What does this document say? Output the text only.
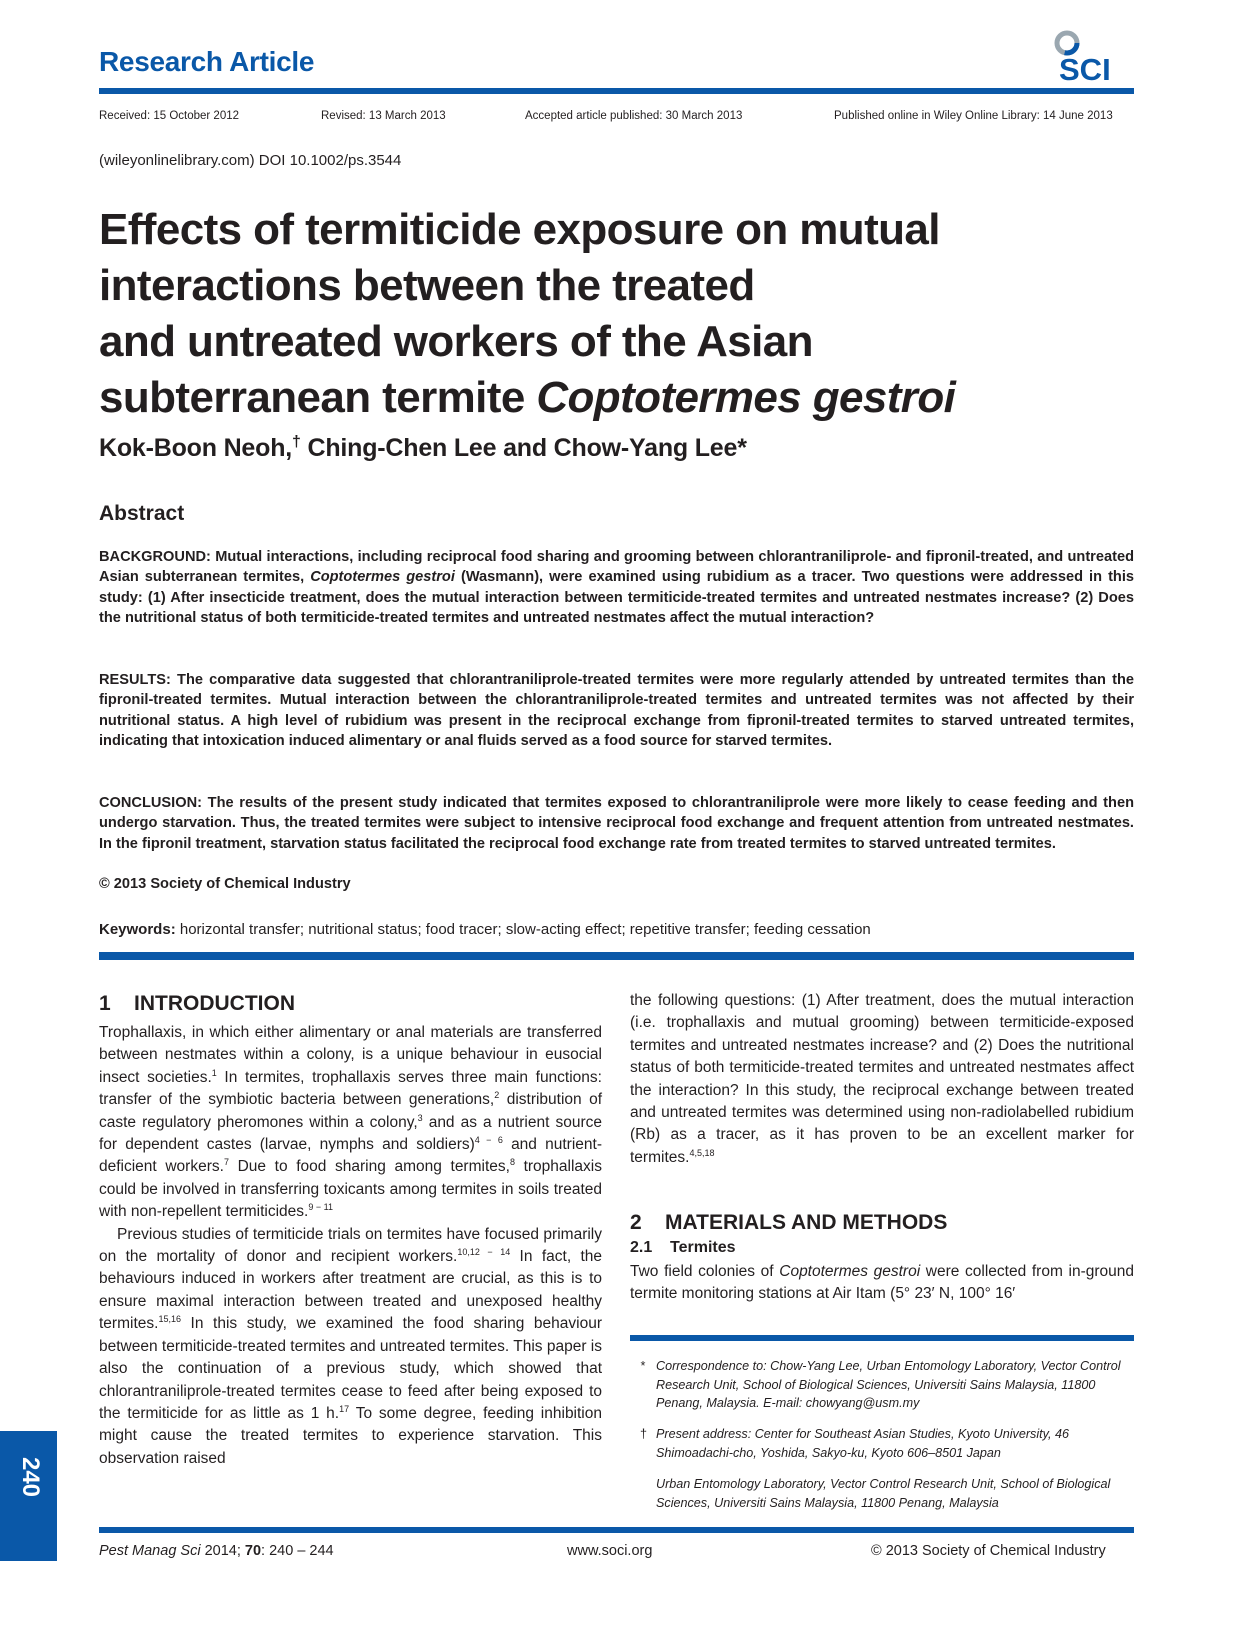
Research Article	SCI
Received: 15 October 2012	Revised: 13 March 2013	Accepted article published: 30 March 2013	Published online in Wiley Online Library: 14 June 2013
(wileyonlinelibrary.com) DOI 10.1002/ps.3544
Effects of termiticide exposure on mutual
interactions between the treated
and untreated workers of the Asian
subterranean termite Coptotermes gestroi
Kok-Boon Neoh,† Ching-Chen Lee and Chow-Yang Lee*
Abstract
BACKGROUND: Mutual interactions, including reciprocal food sharing and grooming between chlorantraniliprole- and fipronil-treated, and untreated Asian subterranean termites, Coptotermes gestroi (Wasmann), were examined using rubidium as a tracer. Two questions were addressed in this study: (1) After insecticide treatment, does the mutual interaction between termiticide-treated termites and untreated nestmates increase? (2) Does the nutritional status of both termiticide-treated termites and untreated nestmates affect the mutual interaction?
RESULTS: The comparative data suggested that chlorantraniliprole-treated termites were more regularly attended by untreated termites than the fipronil-treated termites. Mutual interaction between the chlorantraniliprole-treated termites and untreated termites was not affected by their nutritional status. A high level of rubidium was present in the reciprocal exchange from fipronil-treated termites to starved untreated termites, indicating that intoxication induced alimentary or anal fluids served as a food source for starved termites.
CONCLUSION: The results of the present study indicated that termites exposed to chlorantraniliprole were more likely to cease feeding and then undergo starvation. Thus, the treated termites were subject to intensive reciprocal food exchange and frequent attention from untreated nestmates. In the fipronil treatment, starvation status facilitated the reciprocal food exchange rate from treated termites to starved untreated termites.
© 2013 Society of Chemical Industry
Keywords: horizontal transfer; nutritional status; food tracer; slow-acting effect; repetitive transfer; feeding cessation
1    INTRODUCTION

Trophallaxis, in which either alimentary or anal materials are transferred between nestmates within a colony, is a unique behaviour in eusocial insect societies.$^1$ In termites, trophallaxis serves three main functions: transfer of the symbiotic bacteria between generations,$^2$ distribution of caste regulatory pheromones within a colony,$^3$ and as a nutrient source for dependent castes (larvae, nymphs and soldiers)$^{4 - 6}$ and nutrient-deficient workers.$^7$ Due to food sharing among termites,$^8$ trophallaxis could be involved in transferring toxicants among termites in soils treated with non-repellent termiticides.$^{9 - 11}$

Previous studies of termiticide trials on termites have focused primarily on the mortality of donor and recipient workers.$^{10,12 - 14}$ In fact, the behaviours induced in workers after treatment are crucial, as this is to ensure maximal interaction between treated and unexposed healthy termites.$^{15,16}$ In this study, we examined the food sharing behaviour between termiticide-treated termites and untreated termites. This paper is also the continuation of a previous study, which showed that chlorantraniliprole-treated termites cease to feed after being exposed to the termiticide for as little as 1 h.$^{17}$ To some degree, feeding inhibition might cause the treated termites to experience starvation. This observation raised

the following questions: (1) After treatment, does the mutual interaction (i.e. trophallaxis and mutual grooming) between termiticide-exposed termites and untreated nestmates increase? and (2) Does the nutritional status of both termiticide-treated termites and untreated nestmates affect the interaction? In this study, the reciprocal exchange between treated and untreated termites was determined using non-radiolabelled rubidium (Rb) as a tracer, as it has proven to be an excellent marker for termites.$^{4,5,18}$

2    MATERIALS AND METHODS
2.1    Termites
Two field colonies of Coptotermes gestroi were collected from in-ground termite monitoring stations at Air Itam (5° 23′ N, 100° 16′
* Correspondence to: Chow-Yang Lee, Urban Entomology Laboratory, Vector Control Research Unit, School of Biological Sciences, Universiti Sains Malaysia, 11800 Penang, Malaysia. E-mail: chowyang@usm.my
† Present address: Center for Southeast Asian Studies, Kyoto University, 46 Shimoadachi-cho, Yoshida, Sakyo-ku, Kyoto 606–8501 Japan
Urban Entomology Laboratory, Vector Control Research Unit, School of Biological Sciences, Universiti Sains Malaysia, 11800 Penang, Malaysia
240
Pest Manag Sci 2014; 70: 240 – 244	www.soci.org	© 2013 Society of Chemical Industry
